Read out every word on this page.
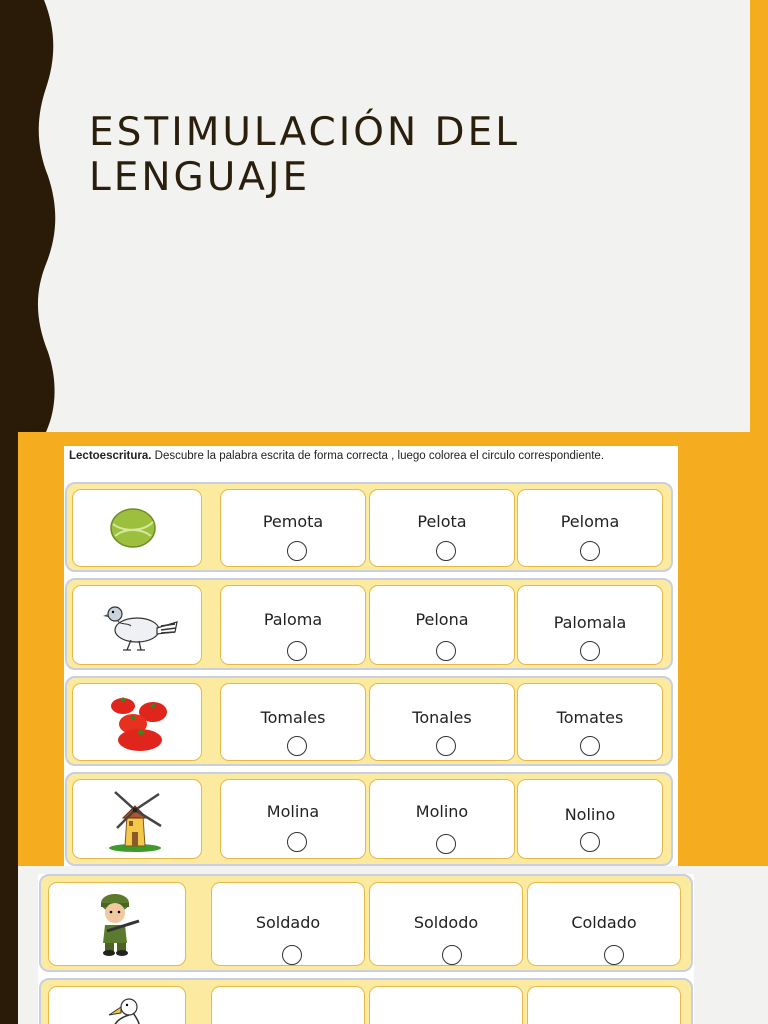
ESTIMULACIÓN DEL
LENGUAJE
Lectoescritura. Descubre la palabra escrita de forma correcta , luego colorea el circulo correspondiente.
Pemota	Pelota	Peloma
Paloma	Pelona	Palomala
Tomales	Tonales	Tomates
Molina	Molino	Nolino
Soldado	Soldodo	Coldado
